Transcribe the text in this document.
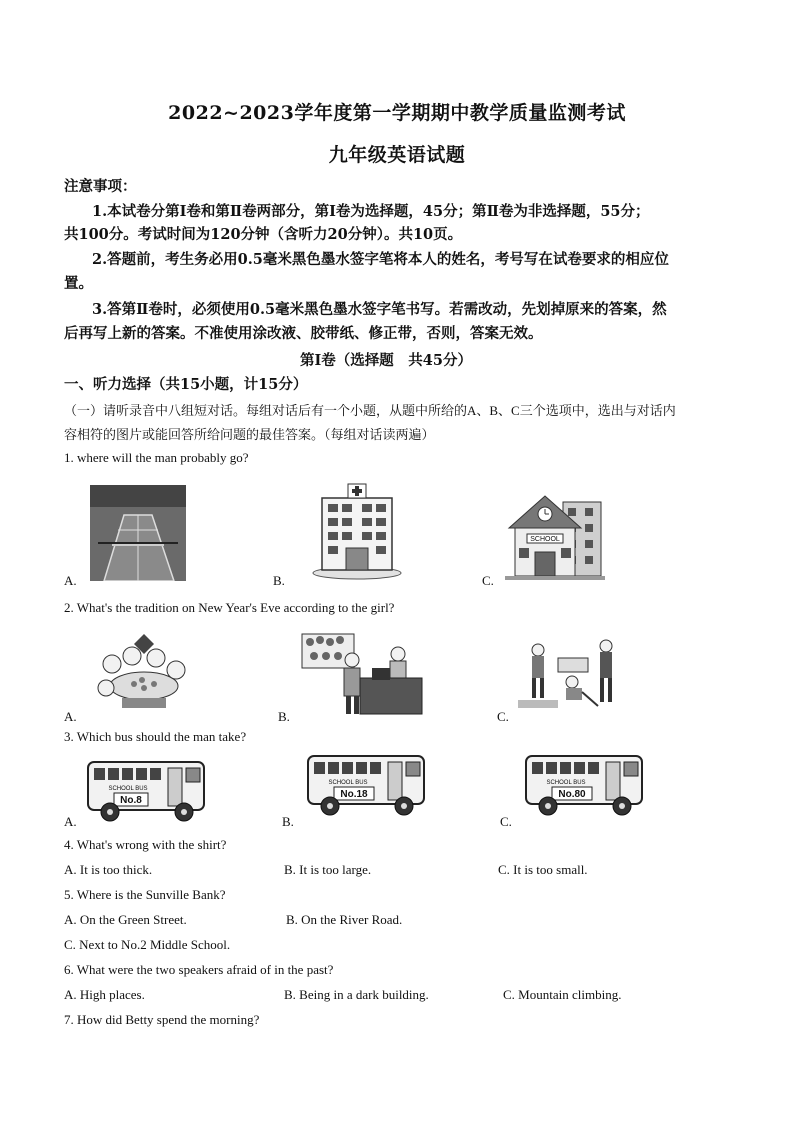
2022~2023学年度第一学期期中教学质量监测考试
九年级英语试题
注意事项：
1.本试卷分第Ⅰ卷和第Ⅱ卷两部分，第Ⅰ卷为选择题，45分；第Ⅱ卷为非选择题，55分；
共100分。考试时间为120分钟（含听力20分钟）。共10页。
2.答题前，考生务必用0.5毫米黑色墨水签字笔将本人的姓名，考号写在试卷要求的相应位
置。
3.答第Ⅱ卷时，必须使用0.5毫米黑色墨水签字笔书写。若需改动，先划掉原来的答案，然
后再写上新的答案。不准使用涂改液、胶带纸、修正带，否则，答案无效。
第Ⅰ卷（选择题　共45分）
一、听力选择（共15小题，计15分）
（一）请听录音中八组短对话。每组对话后有一个小题，从题中所给的A、B、C三个选项中，选出与对话内
容相符的图片或能回答所给问题的最佳答案。（每组对话读两遍）
1. where will the man probably go?
A.	B.
SCHOOL
C.
2. What's the tradition on New Year's Eve according to the girl?
A.	B.	C.
3. Which bus should the man take?
SCHOOL BUS
No.8
A.
SCHOOL BUS
No.18
B.
SCHOOL BUS
No.80
C.
4. What's wrong with the shirt?
A. It is too thick.	B. It is too large.	C. It is too small.
5. Where is the Sunville Bank?
A. On the Green Street.	B. On the River Road.
C. Next to No.2 Middle School.
6. What were the two speakers afraid of in the past?
A. High places.	B. Being in a dark building.	C. Mountain climbing.
7. How did Betty spend the morning?
